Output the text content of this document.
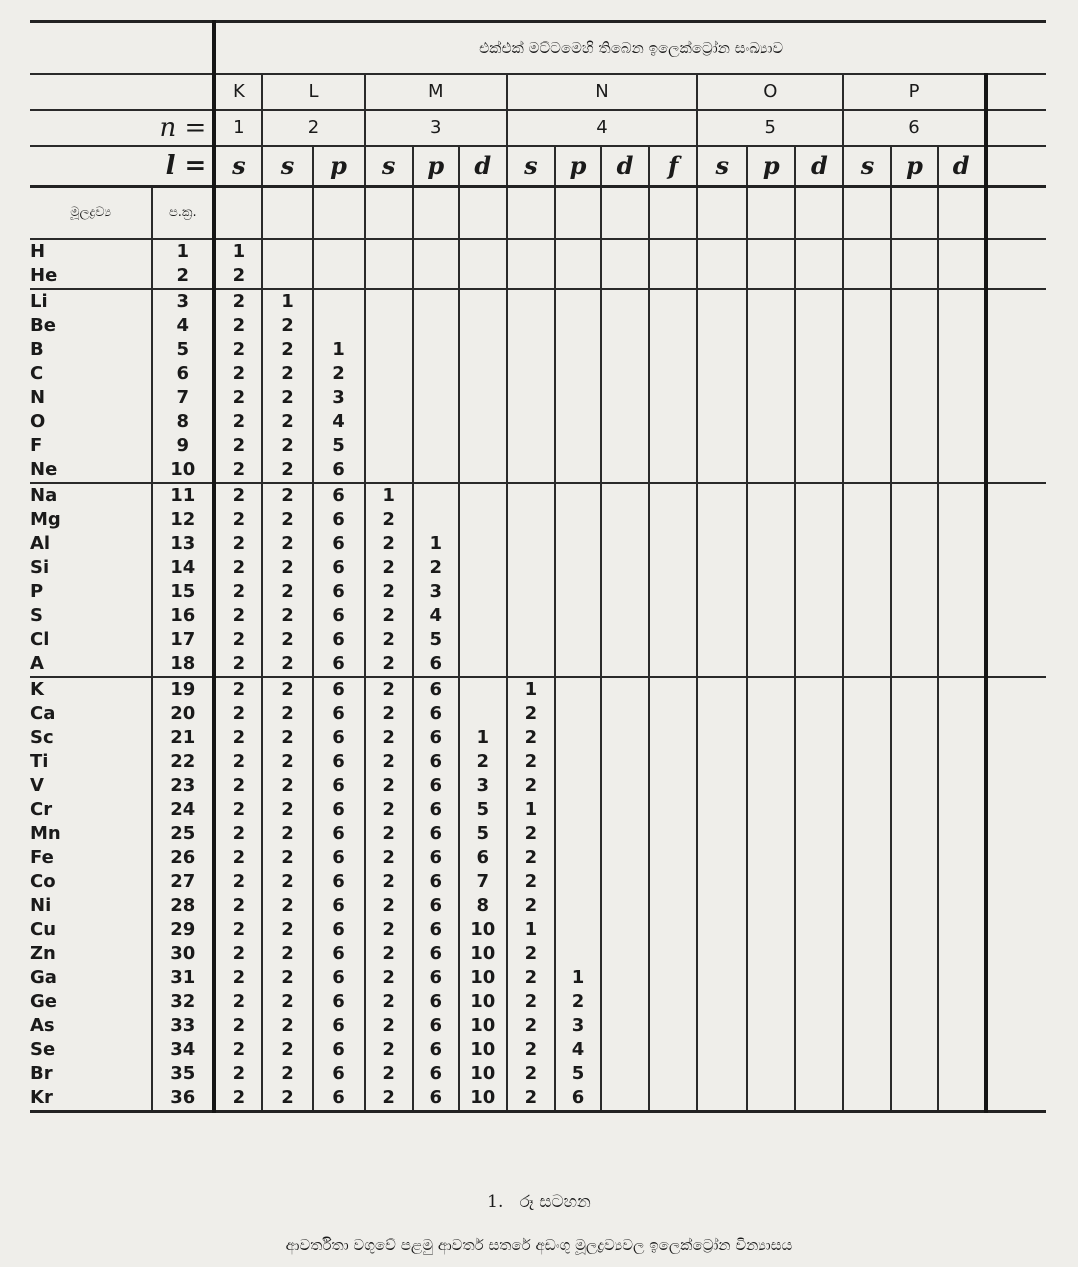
		එක්එක් මට්ටමෙහි තිබෙන ඉලෙක්ට්‍රෝන සංඛ්‍යාව																
		K	L		M			N				O			P			
n =		1	2		3			4				5			6			
l =		s	s	p	s	p	d	s	p	d	f	s	p	d	s	p	d	
මූලද්‍රව්‍ය	ප.ක්‍ර.																	
H	1	1																
He	2	2																
Li	3	2	1															
Be	4	2	2															
B	5	2	2	1														
C	6	2	2	2														
N	7	2	2	3														
O	8	2	2	4														
F	9	2	2	5														
Ne	10	2	2	6														
Na	11	2	2	6	1													
Mg	12	2	2	6	2													
Al	13	2	2	6	2	1												
Si	14	2	2	6	2	2												
P	15	2	2	6	2	3												
S	16	2	2	6	2	4												
Cl	17	2	2	6	2	5												
A	18	2	2	6	2	6												
K	19	2	2	6	2	6		1										
Ca	20	2	2	6	2	6		2										
Sc	21	2	2	6	2	6	1	2										
Ti	22	2	2	6	2	6	2	2										
V	23	2	2	6	2	6	3	2										
Cr	24	2	2	6	2	6	5	1										
Mn	25	2	2	6	2	6	5	2										
Fe	26	2	2	6	2	6	6	2										
Co	27	2	2	6	2	6	7	2										
Ni	28	2	2	6	2	6	8	2										
Cu	29	2	2	6	2	6	10	1										
Zn	30	2	2	6	2	6	10	2										
Ga	31	2	2	6	2	6	10	2	1									
Ge	32	2	2	6	2	6	10	2	2									
As	33	2	2	6	2	6	10	2	3									
Se	34	2	2	6	2	6	10	2	4									
Br	35	2	2	6	2	6	10	2	5									
Kr	36	2	2	6	2	6	10	2	6									
1. රූ සටහන
ආවර්තිතා වගුවේ පළමු ආවර්ත සතරේ අඩංගු මූලද්‍රව්‍යවල ඉලෙක්ට්‍රෝන වින්‍යාසය
